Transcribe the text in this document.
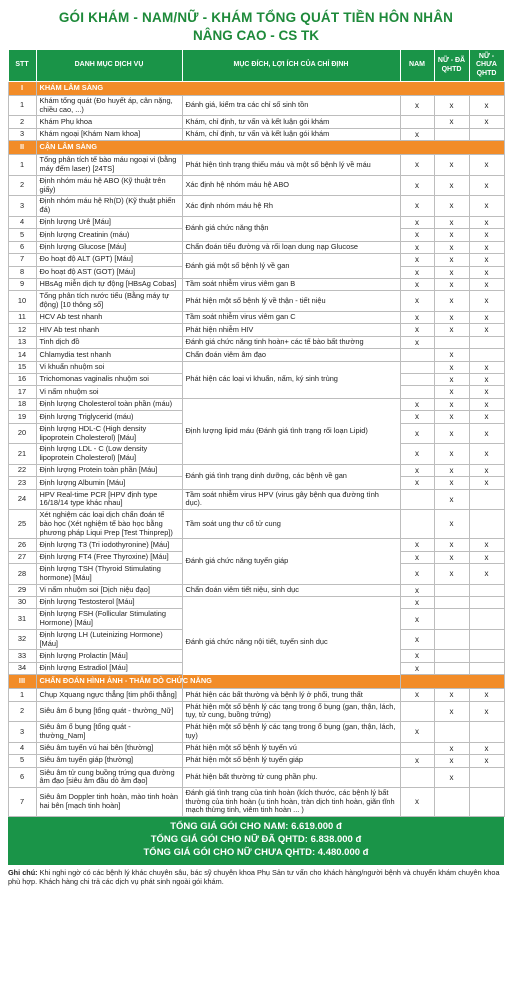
GÓI KHÁM - NAM/NỮ - KHÁM TỔNG QUÁT TIỀN HÔN NHÂN
NÂNG CAO - CS TK
STT	DANH MỤC DỊCH VỤ	MỤC ĐÍCH, LỢI ÍCH CỦA CHỈ ĐỊNH	NAM	NỮ - ĐÃ QHTD	NỮ - CHƯA QHTD
I	KHÁM LÂM SÀNG				
1	Khám tổng quát (Đo huyết áp, cân nặng, chiều cao, ...)	Đánh giá, kiểm tra các chỉ số sinh tồn	x	x	x
2	Khám Phụ khoa	Khám, chỉ định, tư vấn và kết luận gói khám		x	x
3	Khám ngoại [Khám Nam khoa]	Khám, chỉ định, tư vấn và kết luận gói khám	x		
II	CẬN LÂM SÀNG				
1	Tổng phân tích tế bào máu ngoại vi (bằng máy đếm laser) [24TS]	Phát hiện tình trạng thiếu máu và một số bệnh lý về máu	x	x	x
2	Định nhóm máu hệ ABO (Kỹ thuật trên giấy)	Xác định hệ nhóm máu hệ ABO	x	x	x
3	Định nhóm máu hệ Rh(D) (Kỹ thuật phiến đá)	Xác định nhóm máu hệ Rh	x	x	x
4	Định lượng Urê [Máu]	Đánh giá chức năng thận	x	x	x
5	Định lượng Creatinin (máu)		x	x	x
6	Định lượng Glucose [Máu]	Chẩn đoán tiểu đường và rối loạn dung nạp Glucose	x	x	x
7	Đo hoạt độ ALT (GPT) [Máu]	Đánh giá một số bệnh lý về gan	x	x	x
8	Đo hoạt độ AST (GOT) [Máu]		x	x	x
9	HBsAg miễn dịch tự động [HBsAg Cobas]	Tầm soát nhiễm virus viêm gan B	x	x	x
10	Tổng phân tích nước tiểu (Bằng máy tự động) [10 thông số]	Phát hiện một số bệnh lý về thận - tiết niệu	x	x	x
11	HCV Ab test nhanh	Tầm soát nhiễm virus viêm gan C	x	x	x
12	HIV Ab test nhanh	Phát hiện nhiễm HIV	x	x	x
13	Tinh dịch đồ	Đánh giá chức năng tinh hoàn+ các tế bào bất thường	x		
14	Chlamydia test nhanh	Chẩn đoán viêm âm đạo		x	
15	Vi khuẩn nhuộm soi	Phát hiện các loại vi khuẩn, nấm, ký sinh trùng		x	x
16	Trichomonas vaginalis nhuộm soi			x	x
17	Vi nấm nhuộm soi			x	x
18	Định lượng Cholesterol toàn phần (máu)	Định lượng lipid máu (Đánh giá tình trạng rối loạn Lipid)	x	x	x
19	Định lượng Triglycerid (máu)		x	x	x
20	Định lượng HDL-C (High density lipoprotein Cholesterol) [Máu]		x	x	x
21	Định lượng LDL - C (Low density lipoprotein Cholesterol) [Máu]		x	x	x
22	Định lượng Protein toàn phần [Máu]	Đánh giá tình trạng dinh dưỡng, các bệnh về gan	x	x	x
23	Định lượng Albumin [Máu]		x	x	x
24	HPV Real-time PCR [HPV định type 16/18/14 type khác nhau]	Tầm soát nhiễm virus HPV (virus gây bệnh qua đường tình dục).		x	
25	Xét nghiệm các loại dịch chẩn đoán tế bào học (Xét nghiệm tế bào học bằng phương pháp Liqui Prep [Test Thinprep])	Tầm soát ung thư cổ tử cung		x	
26	Định lượng T3 (Tri iodothyronine) [Máu]	Đánh giá chức năng tuyến giáp	x	x	x
27	Định lượng FT4 (Free Thyroxine) [Máu]		x	x	x
28	Định lượng TSH (Thyroid Stimulating hormone) [Máu]		x	x	x
29	Vi nấm nhuộm soi [Dịch niệu đạo]	Chẩn đoán viêm tiết niệu, sinh dục	x		
30	Định lượng Testosterol [Máu]	Đánh giá chức năng nội tiết, tuyến sinh dục	x		
31	Định lượng FSH (Follicular Stimulating Hormone) [Máu]		x		
32	Định lượng LH (Luteinizing Hormone) [Máu]		x		
33	Định lượng Prolactin [Máu]		x		
34	Định lượng Estradiol [Máu]		x		
III	CHẨN ĐOÁN HÌNH ẢNH - THĂM DÒ CHỨC NĂNG				
1	Chụp Xquang ngực thẳng [tim phổi thẳng]	Phát hiện các bất thường và bệnh lý ở phổi, trung thất	x	x	x
2	Siêu âm ổ bụng [tổng quát - thường_Nữ]	Phát hiện một số bệnh lý các tạng trong ổ bụng (gan, thận, lách, tụy, tử cung, buồng trứng)		x	x
3	Siêu âm ổ bụng [tổng quát - thường_Nam]	Phát hiện một số bệnh lý các tạng trong ổ bụng (gan, thận, lách, tụy)	x		
4	Siêu âm tuyến vú hai bên [thường]	Phát hiện một số bệnh lý tuyến vú		x	x
5	Siêu âm tuyến giáp [thường]	Phát hiện một số bệnh lý tuyến giáp	x	x	x
6	Siêu âm tử cung buồng trứng qua đường âm đạo [siêu âm đầu dò âm đạo]	Phát hiện bất thường tử cung phần phụ.		x	
7	Siêu âm Doppler tinh hoàn, mào tinh hoàn hai bên [mạch tinh hoàn]	Đánh giá tình trạng của tinh hoàn (kích thước, các bệnh lý bất thường của tinh hoàn (u tinh hoàn, tràn dịch tinh hoàn, giãn tĩnh mạch thừng tinh, viêm tinh hoàn ... )	x		
TỔNG GIÁ GÓI CHO NAM: 6.619.000 đ
TỔNG GIÁ GÓI CHO NỮ ĐÃ QHTD: 6.838.000 đ
TỔNG GIÁ GÓI CHO NỮ CHƯA QHTD: 4.480.000 đ
Ghi chú: Khi nghi ngờ có các bệnh lý khác chuyên sâu, bác sỹ chuyên khoa Phụ Sản tư vấn cho khách hàng/người bệnh và chuyển khám chuyên khoa phù hợp. Khách hàng chi trả các dịch vụ phát sinh ngoài gói khám.
